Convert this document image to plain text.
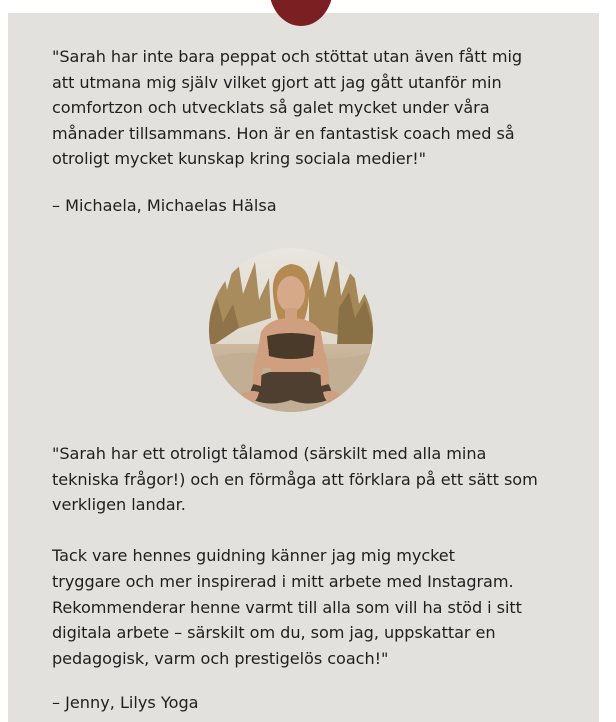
"Sarah har inte bara peppat och stöttat utan även fått mig

att utmana mig själv vilket gjort att jag gått utanför min

comfortzon och utvecklats så galet mycket under våra

månader tillsammans. Hon är en fantastisk coach med så

otroligt mycket kunskap kring sociala medier!"

– Michaela, Michaelas Hälsa

"Sarah har ett otroligt tålamod (särskilt med alla mina

tekniska frågor!) och en förmåga att förklara på ett sätt som

verkligen landar.

Tack vare hennes guidning känner jag mig mycket

tryggare och mer inspirerad i mitt arbete med Instagram.

Rekommenderar henne varmt till alla som vill ha stöd i sitt

digitala arbete – särskilt om du, som jag, uppskattar en

pedagogisk, varm och prestigelös coach!"

– Jenny, Lilys Yoga
